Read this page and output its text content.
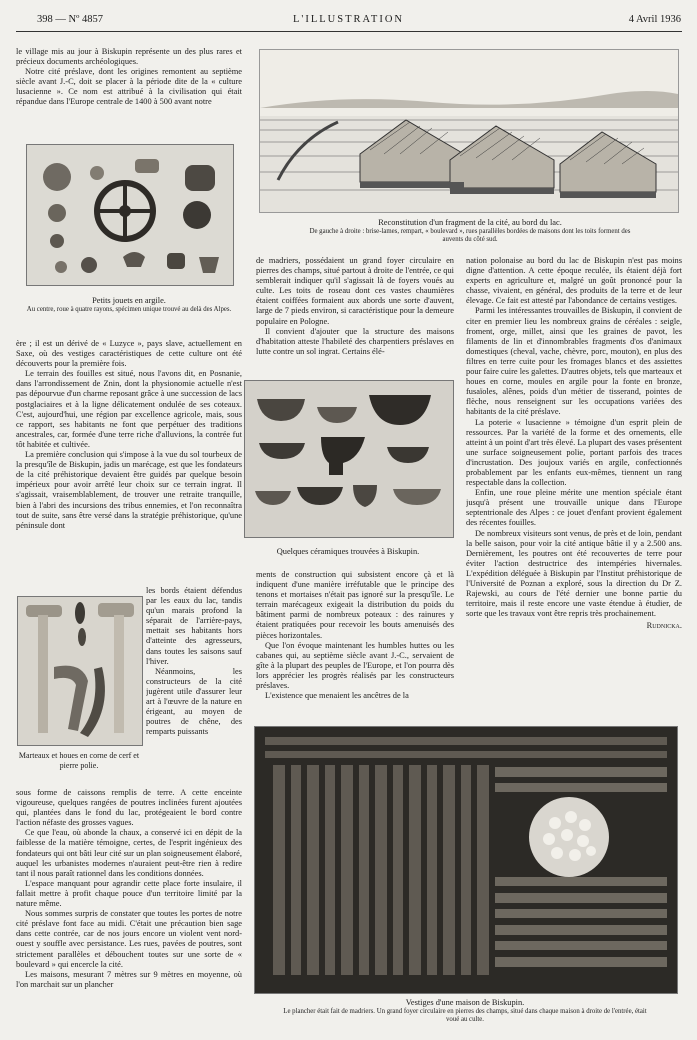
398 — Nº 4857	L'ILLUSTRATION	4 Avril 1936

le village mis au jour à Biskupin représente un des plus rares et précieux documents archéologiques.

Notre cité préslave, dont les origines remontent au septième siècle avant J.-C, doit se placer à la période dite de la « culture lusacienne ». Ce nom est attribué à la civilisation qui était répandue dans l'Europe centrale de 1400 à 500 avant notre

Petits jouets en argile.
Au centre, roue à quatre rayons, spécimen unique trouvé au delà des Alpes.

ère ; il est un dérivé de « Luzyce », pays slave, actuellement en Saxe, où des vestiges caractéristiques de cette culture ont été découverts pour la première fois.

Le terrain des fouilles est situé, nous l'avons dit, en Posnanie, dans l'arrondissement de Znin, dont la physionomie actuelle n'est pas dépourvue d'un charme reposant grâce à une succession de lacs postglaciaires et à la ligne délicatement ondulée de ses coteaux. C'est, aujourd'hui, une région par excellence agricole, mais, sous ce rapport, ses habitants ne font que perpétuer des traditions ancestrales, car, formée d'une terre riche d'alluvions, la contrée fut tôt habitée et cultivée.

La première conclusion qui s'impose à la vue du sol tourbeux de la presqu'île de Biskupin, jadis un marécage, est que les fondateurs de la cité préhistorique devaient être guidés par quelque besoin impérieux pour avoir arrêté leur choix sur ce terrain ingrat. Il s'agissait, vraisemblablement, de trouver une retraite tranquille, bien à l'abri des incursions des tribus ennemies, et l'on reconnaîtra tout de suite, sans être versé dans la stratégie préhistorique, qu'une péninsule dont

Marteaux et houes en corne de cerf et pierre polie.

les bords étaient défendus par les eaux du lac, tandis qu'un marais profond la séparait de l'arrière-pays, mettait ses habitants hors d'atteinte des agresseurs, dans toutes les saisons sauf l'hiver.

Néanmoins, les constructeurs de la cité jugèrent utile d'assurer leur art à l'œuvre de la nature en érigeant, au moyen de poutres de chêne, des remparts puissants

sous forme de caissons remplis de terre. A cette enceinte vigoureuse, quelques rangées de poutres inclinées furent ajoutées qui, plantées dans le fond du lac, protégeaient le bord contre l'action néfaste des grosses vagues.

Ce que l'eau, où abonde la chaux, a conservé ici en dépit de la faiblesse de la matière témoigne, certes, de l'esprit ingénieux des fondateurs qui ont bâti leur cité sur un plan soigneusement élaboré, auquel les urbanistes modernes n'auraient peut-être rien à redire tant il nous paraît rationnel dans les conditions données.

L'espace manquant pour agrandir cette place forte insulaire, il fallait mettre à profit chaque pouce d'un territoire limité par la nature même.

Nous sommes surpris de constater que toutes les portes de notre cité préslave font face au midi. C'était une précaution bien sage dans cette contrée, car de nos jours encore un violent vent nord-ouest y souffle avec persistance. Les rues, pavées de poutres, sont strictement parallèles et débouchent toutes sur une sorte de « boulevard » qui encercle la cité.

Les maisons, mesurant 7 mètres sur 9 mètres en moyenne, où l'on marchait sur un plancher

Reconstitution d'un fragment de la cité, au bord du lac.
De gauche à droite : brise-lames, rempart, « boulevard », rues parallèles bordées de maisons dont les toits forment des auvents du côté sud.

de madriers, possédaient un grand foyer circulaire en pierres des champs, situé partout à droite de l'entrée, ce qui semblerait indiquer qu'il s'agissait là de foyers voués au culte. Les toits de roseau dont ces vastes chaumières étaient coiffées formaient aux abords une sorte d'auvent, large de 7 pieds environ, si caractéristique pour la demeure populaire en Pologne.

Il convient d'ajouter que la structure des maisons d'habitation atteste l'habileté des charpentiers préslaves en lutte contre un sol ingrat. Certains élé-

Quelques céramiques trouvées à Biskupin.

ments de construction qui subsistent encore çà et là indiquent d'une manière irréfutable que le principe des tenons et mortaises n'était pas ignoré sur la presqu'île. Le terrain marécageux exigeait la distribution du poids du bâtiment parmi de nombreux poteaux : des rainures y étaient pratiquées pour recevoir les bouts amenuisés des pièces horizontales.

Que l'on évoque maintenant les humbles huttes ou les cabanes qui, au septième siècle avant J.-C., servaient de gîte à la plupart des peuples de l'Europe, et l'on pourra dès lors apprécier les progrès réalisés par les constructeurs préslaves.

L'existence que menaient les ancêtres de la

nation polonaise au bord du lac de Biskupin n'est pas moins digne d'attention. A cette époque reculée, ils étaient déjà fort experts en agriculture et, malgré un goût prononcé pour la chasse, vivaient, en général, des produits de la terre et de leur élevage. Ce fait est attesté par l'abondance de certains vestiges.

Parmi les intéressantes trouvailles de Biskupin, il convient de citer en premier lieu les nombreux grains de céréales : seigle, froment, orge, millet, ainsi que les graines de pavot, les filaments de lin et d'innombrables fragments d'os d'animaux domestiques (cheval, vache, chèvre, porc, mouton), en plus des filtres en terre cuite pour les fromages blancs et des assiettes pour faire cuire les galettes. D'autres objets, tels que marteaux et houes en corne, moules en argile pour la fonte en bronze, fusaïoles, alênes, poids d'un métier de tisserand, pointes de flèche, nous renseignent sur les occupations variées des habitants de la cité préslave.

La poterie « lusacienne » témoigne d'un esprit plein de ressources. Par la variété de la forme et des ornements, elle atteint à un point d'art très élevé. La plupart des vases présentent une surface soigneusement polie, portant parfois des traces d'incrustation. Des joujoux variés en argile, confectionnés probablement par les enfants eux-mêmes, tiennent un rang respectable dans la collection.

Enfin, une roue pleine mérite une mention spéciale étant jusqu'à présent une trouvaille unique dans l'Europe septentrionale des Alpes : ce jouet d'enfant provient également des récentes fouilles.

De nombreux visiteurs sont venus, de près et de loin, pendant la belle saison, pour voir la cité antique bâtie il y a 2.500 ans. Dernièrement, les poutres ont été recouvertes de terre pour éviter l'action destructrice des intempéries hivernales. L'expédition déléguée à Biskupin par l'Institut préhistorique de l'Université de Poznan a exploré, sous la direction du Dr Z. Rajewski, au cours de l'été dernier une bonne partie du territoire, mais il reste encore une vaste étendue à étudier, de sorte que les travaux vont être repris très prochainement.

Rudnicka.

Vestiges d'une maison de Biskupin.
Le plancher était fait de madriers. Un grand foyer circulaire en pierres des champs, situé dans chaque maison à droite de l'entrée, était voué au culte.
